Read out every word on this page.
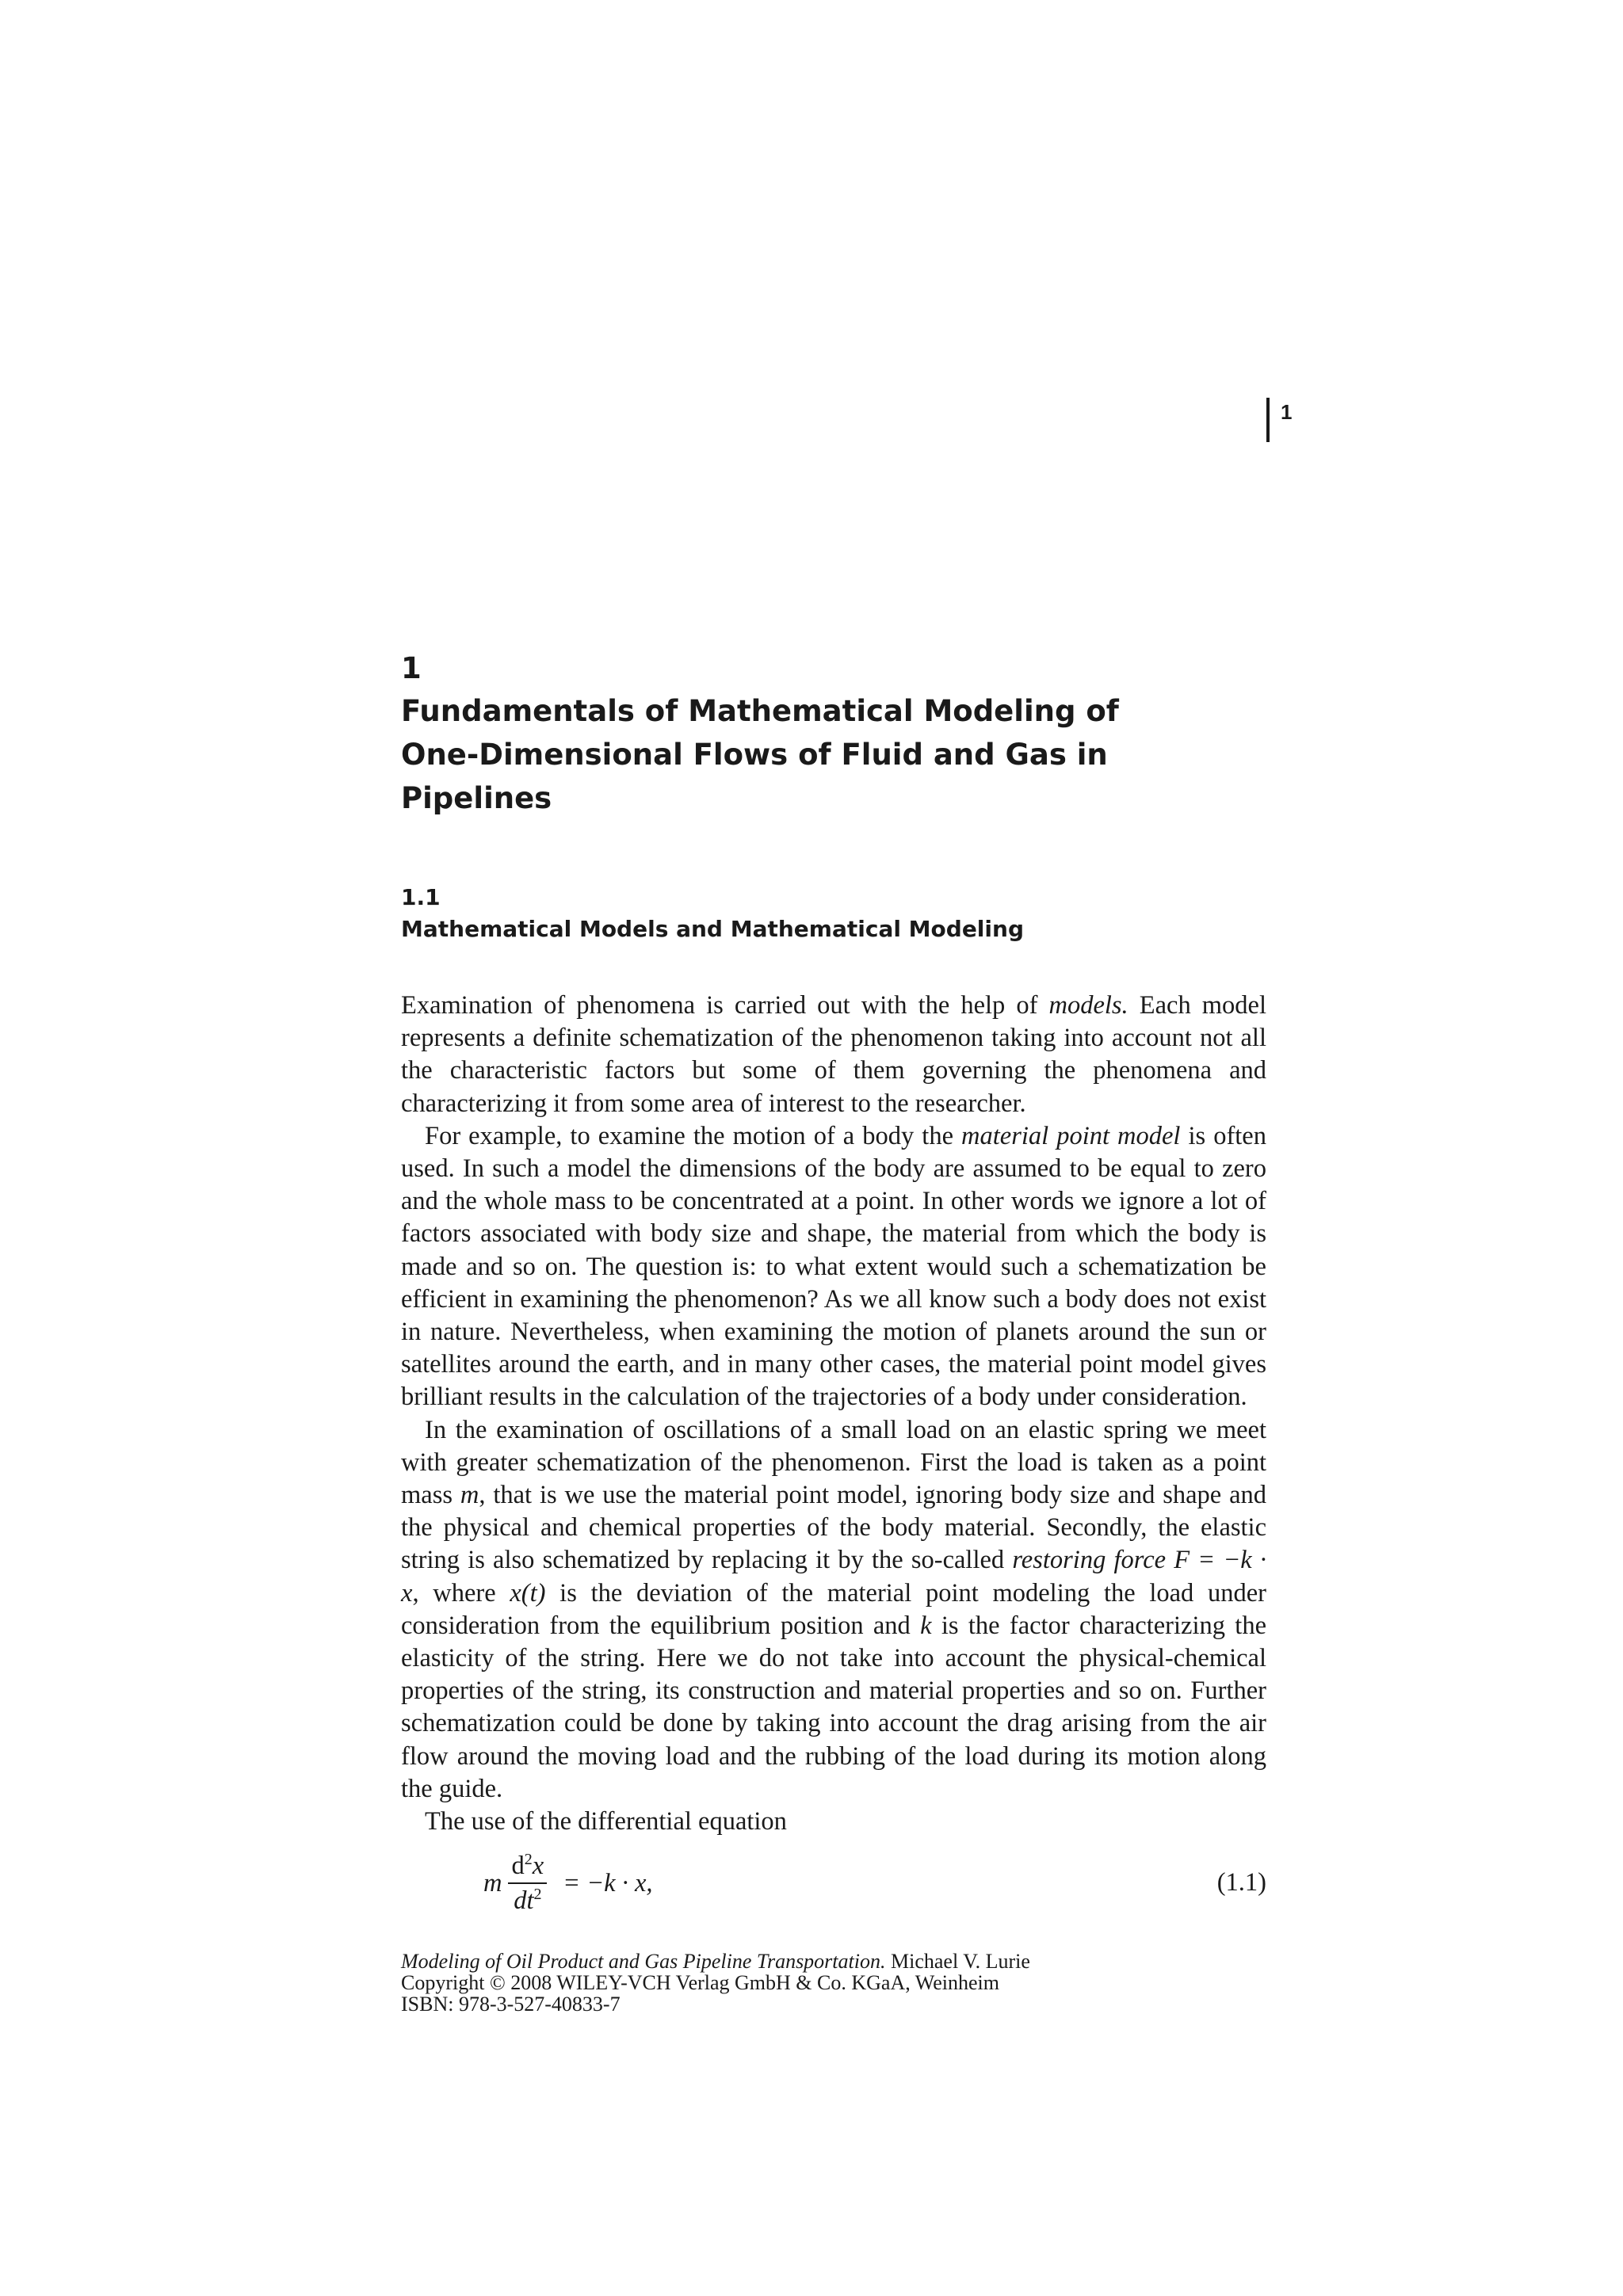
1
1
Fundamentals of Mathematical Modeling of
One-Dimensional Flows of Fluid and Gas in Pipelines
1.1
Mathematical Models and Mathematical Modeling

Examination of phenomena is carried out with the help of models. Each model represents a definite schematization of the phenomenon taking into account not all the characteristic factors but some of them governing the phenomena and characterizing it from some area of interest to the researcher.

For example, to examine the motion of a body the material point model is often used. In such a model the dimensions of the body are assumed to be equal to zero and the whole mass to be concentrated at a point. In other words we ignore a lot of factors associated with body size and shape, the material from which the body is made and so on. The question is: to what extent would such a schematization be efficient in examining the phenomenon? As we all know such a body does not exist in nature. Nevertheless, when examining the motion of planets around the sun or satellites around the earth, and in many other cases, the material point model gives brilliant results in the calculation of the trajectories of a body under consideration.

In the examination of oscillations of a small load on an elastic spring we meet with greater schematization of the phenomenon. First the load is taken as a point mass m, that is we use the material point model, ignoring body size and shape and the physical and chemical properties of the body material. Secondly, the elastic string is also schematized by replacing it by the so-called restoring force F = −k · x, where x(t) is the deviation of the material point modeling the load under consideration from the equilibrium position and k is the factor characterizing the elasticity of the string. Here we do not take into account the physical-chemical properties of the string, its construction and material properties and so on. Further schematization could be done by taking into account the drag arising from the air flow around the moving load and the rubbing of the load during its motion along the guide.

The use of the differential equation

m $\frac{d^2x}{dt^2} = -k \cdot x$,	(1.1)
Modeling of Oil Product and Gas Pipeline Transportation. Michael V. Lurie
Copyright © 2008 WILEY-VCH Verlag GmbH & Co. KGaA, Weinheim
ISBN: 978-3-527-40833-7
